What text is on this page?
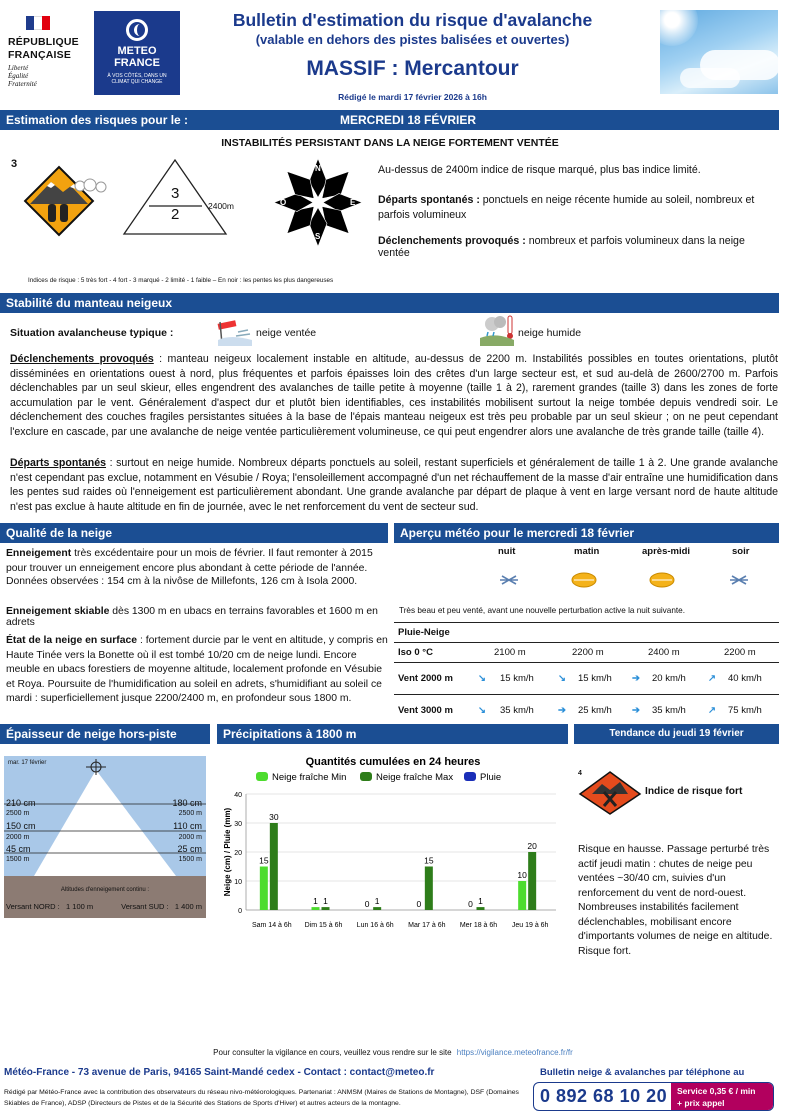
RÉPUBLIQUE
FRANÇAISE
Liberté
Égalité
Fraternité
METEO
FRANCE
À VOS CÔTÉS, DANS UN CLIMAT QUI CHANGE
Bulletin d'estimation du risque d'avalanche
(valable en dehors des pistes balisées et ouvertes)
MASSIF : Mercantour
Rédigé le mardi 17 février 2026 à 16h
Estimation des risques pour le :	MERCREDI 18 FÉVRIER
INSTABILITÉS PERSISTANT DANS LA NEIGE FORTEMENT VENTÉE
3
3
2	2400m
N
E
S
O
Au-dessus de 2400m indice de risque marqué, plus bas indice limité.
Départs spontanés : ponctuels en neige récente humide au soleil, nombreux et parfois volumineux
Déclenchements provoqués : nombreux et parfois volumineux dans la neige ventée
Indices de risque : 5 très fort - 4 fort - 3 marqué - 2 limité - 1 faible – En noir : les pentes les plus dangereuses
Stabilité du manteau neigeux
Situation avalancheuse typique :	neige ventée	neige humide
Déclenchements provoqués : manteau neigeux localement instable en altitude, au-dessus de 2200 m. Instabilités possibles en toutes orientations, plutôt disséminées en orientations ouest à nord, plus fréquentes et parfois épaisses loin des crêtes d'un large secteur est, et sud au-delà de 2600/2700 m. Parfois déclenchables par un seul skieur, elles engendrent des avalanches de taille petite à moyenne (taille 1 à 2), rarement grandes (taille 3) dans les zones de forte accumulation par le vent. Généralement d'aspect dur et plutôt bien identifiables, ces instabilités mobilisent surtout la neige tombée depuis vendredi soir. Le déclenchement des couches fragiles persistantes situées à la base de l'épais manteau neigeux est très peu probable par un seul skieur ; on ne peut cependant l'exclure en cascade, par une avalanche de neige ventée particulièrement volumineuse, ce qui peut engendrer alors une avalanche de très grande taille (taille 4).
Départs spontanés : surtout en neige humide. Nombreux départs ponctuels au soleil, restant superficiels et généralement de taille 1 à 2. Une grande avalanche n'est cependant pas exclue, notamment en Vésubie / Roya; l'ensoleillement accompagné d'un net réchauffement de la masse d'air entraîne une humidification dans les pentes sud raides où l'enneigement est particulièrement abondant. Une grande avalanche par départ de plaque à vent en large versant nord de haute altitude n'est pas exclue à haute altitude en fin de journée, avec le net renforcement du vent de secteur sud.
Qualité de la neige
Enneigement très excédentaire pour un mois de février. Il faut remonter à 2015 pour trouver un enneigement encore plus abondant à cette période de l'année.
Données observées : 154 cm à la nivôse de Millefonts, 126 cm à Isola 2000.
Enneigement skiable dès 1300 m en ubacs en terrains favorables et 1600 m en adrets
État de la neige en surface : fortement durcie par le vent en altitude, y compris en Haute Tinée vers la Bonette où il est tombé 10/20 cm de neige lundi. Encore meuble en ubacs forestiers de moyenne altitude, localement profonde en Vésubie et Roya. Poursuite de l'humidification au soleil en adrets, s'humidifiant au soleil ce mardi : superficiellement jusque 2200/2400 m, en profondeur sous 1800 m.
Aperçu météo pour le mercredi 18 février
nuit	matin	après-midi	soir
Très beau et peu venté, avant une nouvelle perturbation active la nuit suivante.
Pluie-Neige
Iso 0 °C	2100 m	2200 m	2400 m	2200 m
Vent 2000 m	↘ 15 km/h	↘ 15 km/h ➔ 20 km/h ↗ 40 km/h
Vent 3000 m	↘ 35 km/h	➔ 25 km/h ➔ 35 km/h ↗ 75 km/h
Épaisseur de neige hors-piste
mar. 17 février
210 cm
2500 m
150 cm
2000 m
45 cm
1500 m
180 cm
2500 m
110 cm
2000 m
25 cm
1500 m
Altitudes d'enneigement continu :
Versant NORD :   1 100 m	Versant SUD :   1 400 m
Précipitations à 1800 m
Quantités cumulées en 24 heures
Neige fraîche Min	Neige fraîche Max	Pluie
0
10
20
30
40
Neige (cm) / Pluie (mm)
Sam 14 à 6h
15
30
Dim 15 à 6h
1 1
Lun 16 à 6h
0 1
Mar 17 à 6h
0
15
Mer 18 à 6h
0 1
Jeu 19 à 6h
10
20
Tendance du jeudi 19 février
4
Indice de risque fort
Risque en hausse. Passage perturbé très actif jeudi matin : chutes de neige peu ventées ~30/40 cm, suivies d'un renforcement du vent de nord-ouest. Nombreuses instabilités facilement déclenchables, mobilisant encore d'importants volumes de neige en altitude. Risque fort.
Pour consulter la vigilance en cours, veuillez vous rendre sur le site https://vigilance.meteofrance.fr/fr
Météo-France - 73 avenue de Paris, 94165 Saint-Mandé cedex - Contact : contact@meteo.fr	Bulletin neige & avalanches par téléphone au
Rédigé par Météo-France avec la contribution des observateurs du réseau nivo-météorologiques. Partenariat : ANMSM (Maires de Stations de Montagne), DSF (Domaines Skiables de France), ADSP (Directeurs de Pistes et de la Sécurité des Stations de Sports d'Hiver) et autres acteurs de la montagne.	0 892 68 10 20 Service 0,35 € / min
+ prix appel
